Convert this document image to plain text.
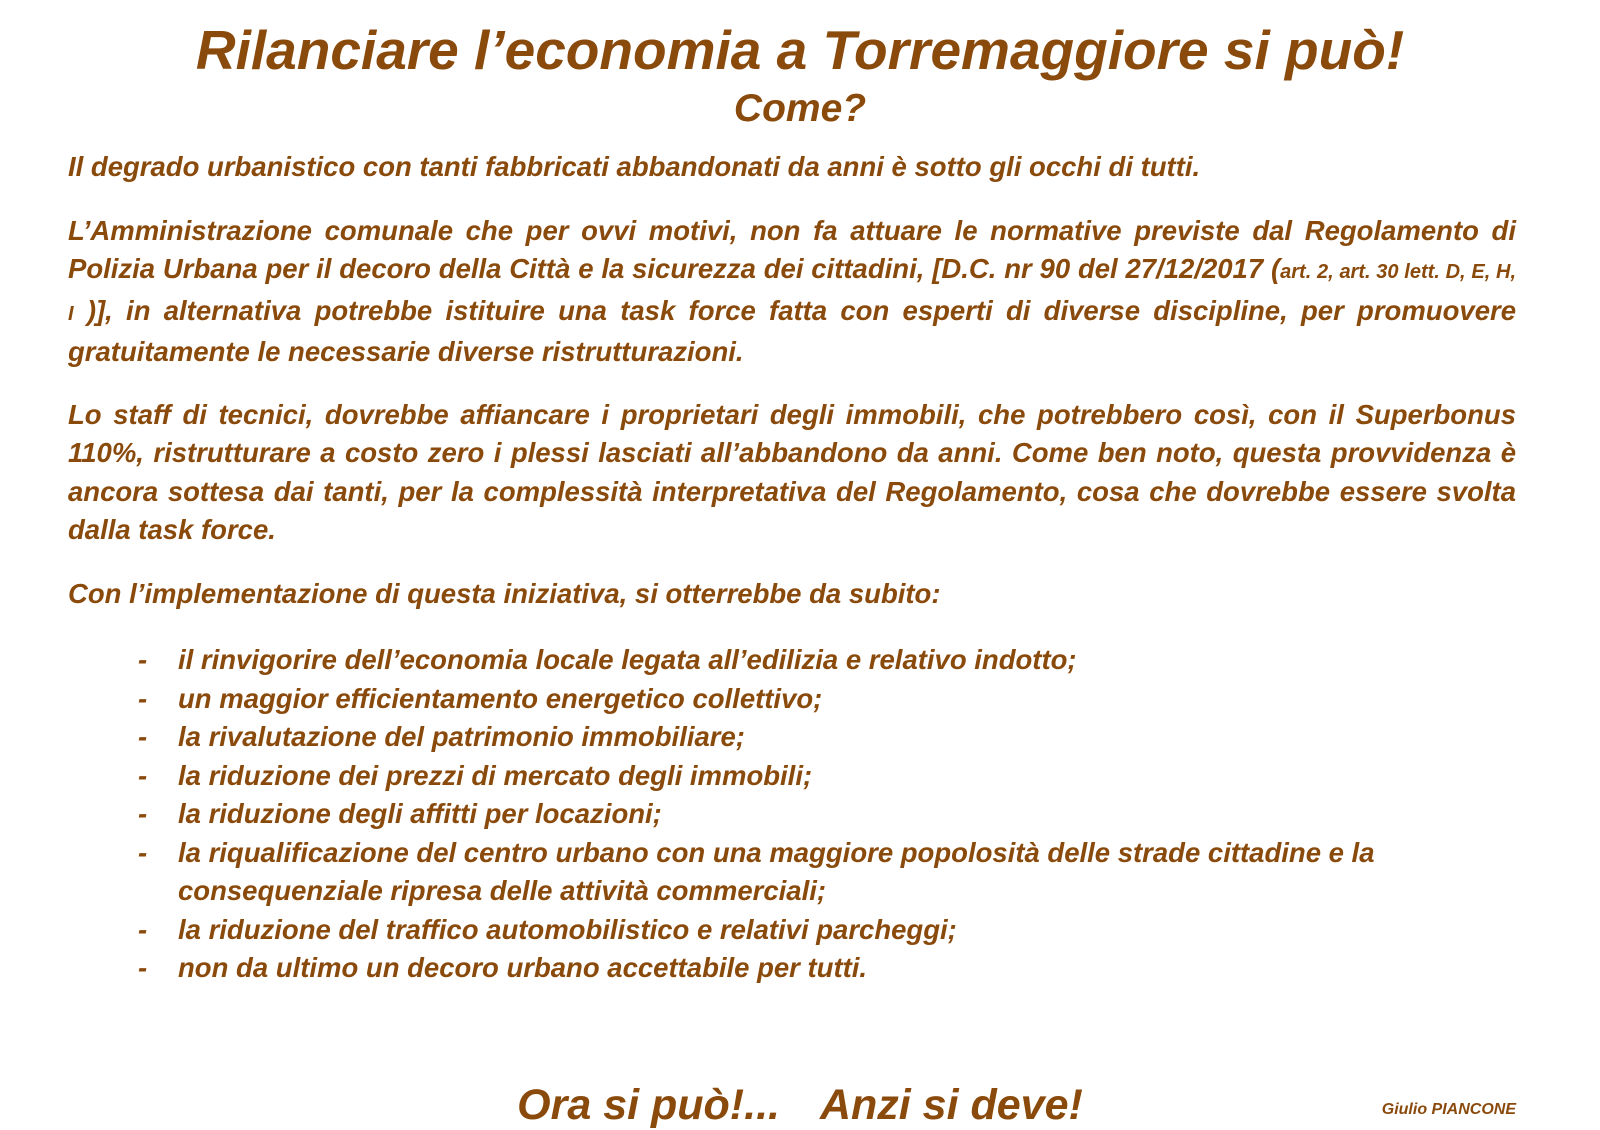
Rilanciare l’economia a Torremaggiore si può!
Come?

Il degrado urbanistico con tanti fabbricati abbandonati da anni è sotto gli occhi di tutti.

L’Amministrazione comunale che per ovvi motivi, non fa attuare le normative previste dal Regolamento di Polizia Urbana per il decoro della Città e la sicurezza dei cittadini, [D.C. nr 90 del 27/12/2017 (art. 2, art. 30 lett. D, E, H, I )], in alternativa potrebbe istituire una task force fatta con esperti di diverse discipline, per promuovere gratuitamente le necessarie diverse ristrutturazioni.

Lo staff di tecnici, dovrebbe affiancare i proprietari degli immobili, che potrebbero così, con il Superbonus 110%, ristrutturare a costo zero i plessi lasciati all’abbandono da anni. Come ben noto, questa provvidenza è ancora sottesa dai tanti, per la complessità interpretativa del Regolamento, cosa che dovrebbe essere svolta dalla task force.

Con l’implementazione di questa iniziativa, si otterrebbe da subito:

- il rinvigorire dell’economia locale legata all’edilizia e relativo indotto;
- un maggior efficientamento energetico collettivo;
- la rivalutazione del patrimonio immobiliare;
- la riduzione dei prezzi di mercato degli immobili;
- la riduzione degli affitti per locazioni;
- la riqualificazione del centro urbano con una maggiore popolosità delle strade cittadine e la consequenziale ripresa delle attività commerciali;
- la riduzione del traffico automobilistico e relativi parcheggi;
- non da ultimo un decoro urbano accettabile per tutti.
Ora si può!... Anzi si deve!	Giulio PIANCONE
